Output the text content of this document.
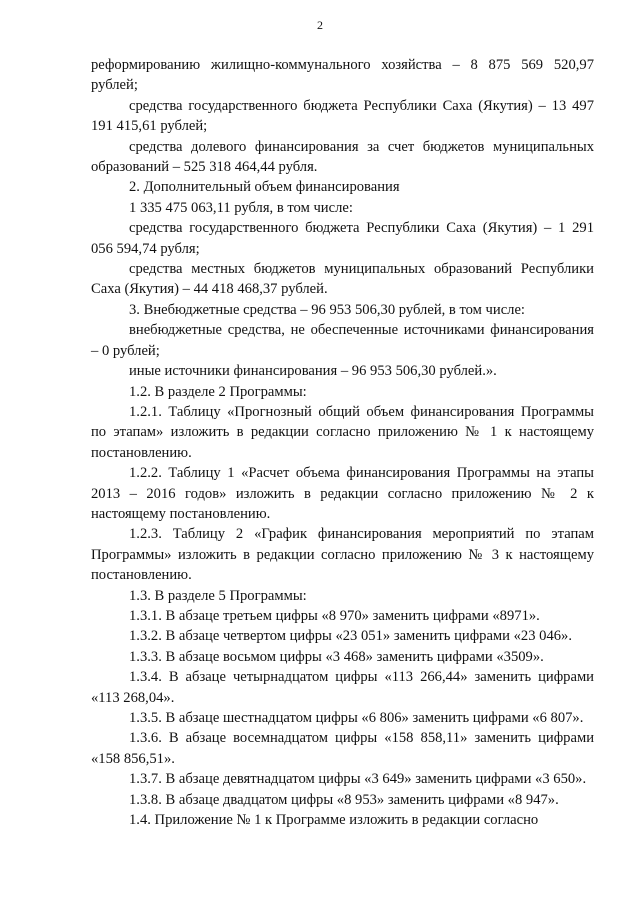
2

реформированию жилищно-коммунального хозяйства – 8 875 569 520,97 рублей;

средства государственного бюджета Республики Саха (Якутия) – 13 497 191 415,61 рублей;

средства долевого финансирования за счет бюджетов муниципальных образований – 525 318 464,44 рубля.

2. Дополнительный объем финансирования

1 335 475 063,11 рубля, в том числе:

средства государственного бюджета Республики Саха (Якутия) – 1 291 056 594,74 рубля;

средства местных бюджетов муниципальных образований Республики Саха (Якутия) – 44 418 468,37 рублей.

3. Внебюджетные средства – 96 953 506,30 рублей, в том числе:

внебюджетные средства, не обеспеченные источниками финансирования – 0 рублей;

иные источники финансирования – 96 953 506,30 рублей.».

1.2. В разделе 2 Программы:

1.2.1. Таблицу «Прогнозный общий объем финансирования Программы по этапам» изложить в редакции согласно приложению № 1 к настоящему постановлению.

1.2.2. Таблицу 1 «Расчет объема финансирования Программы на этапы 2013 – 2016 годов» изложить в редакции согласно приложению № 2 к настоящему постановлению.

1.2.3. Таблицу 2 «График финансирования мероприятий по этапам Программы» изложить в редакции согласно приложению № 3 к настоящему постановлению.

1.3. В разделе 5 Программы:

1.3.1. В абзаце третьем цифры «8 970» заменить цифрами «8971».

1.3.2. В абзаце четвертом цифры «23 051» заменить цифрами «23 046».

1.3.3. В абзаце восьмом цифры «3 468» заменить цифрами «3509».

1.3.4. В абзаце четырнадцатом цифры «113 266,44» заменить цифрами «113 268,04».

1.3.5. В абзаце шестнадцатом цифры «6 806» заменить цифрами «6 807».

1.3.6. В абзаце восемнадцатом цифры «158 858,11» заменить цифрами «158 856,51».

1.3.7. В абзаце девятнадцатом цифры «3 649» заменить цифрами «3 650».

1.3.8. В абзаце двадцатом цифры «8 953» заменить цифрами «8 947».

1.4. Приложение № 1 к Программе изложить в редакции согласно
